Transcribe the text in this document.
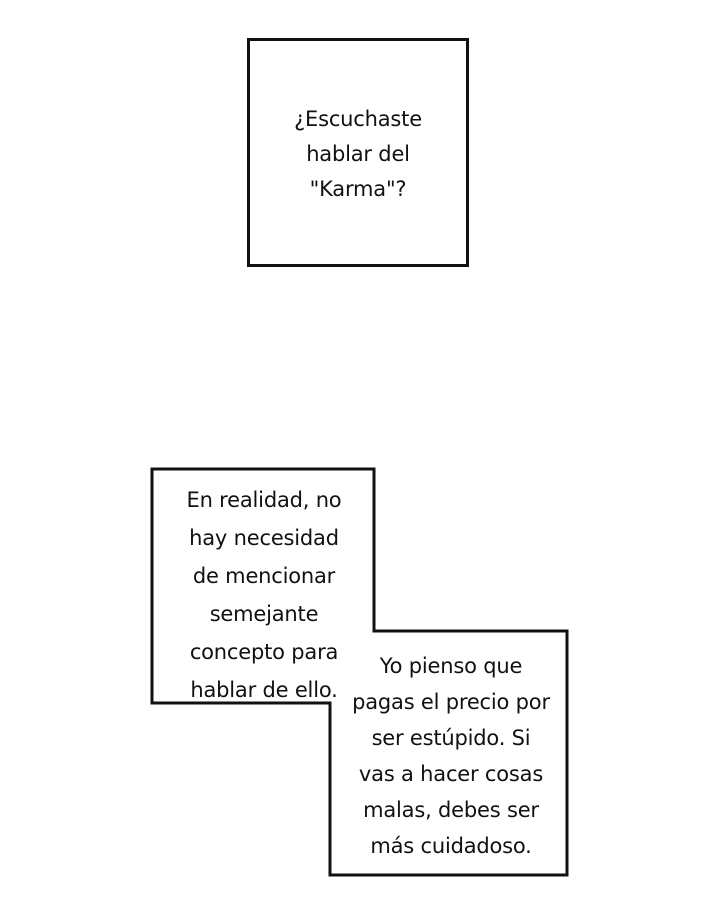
¿Escuchaste
hablar del
"Karma"?
En realidad, no
hay necesidad
de mencionar
semejante
concepto para
hablar de ello.
Yo pienso que
pagas el precio por
ser estúpido. Si
vas a hacer cosas
malas, debes ser
más cuidadoso.
